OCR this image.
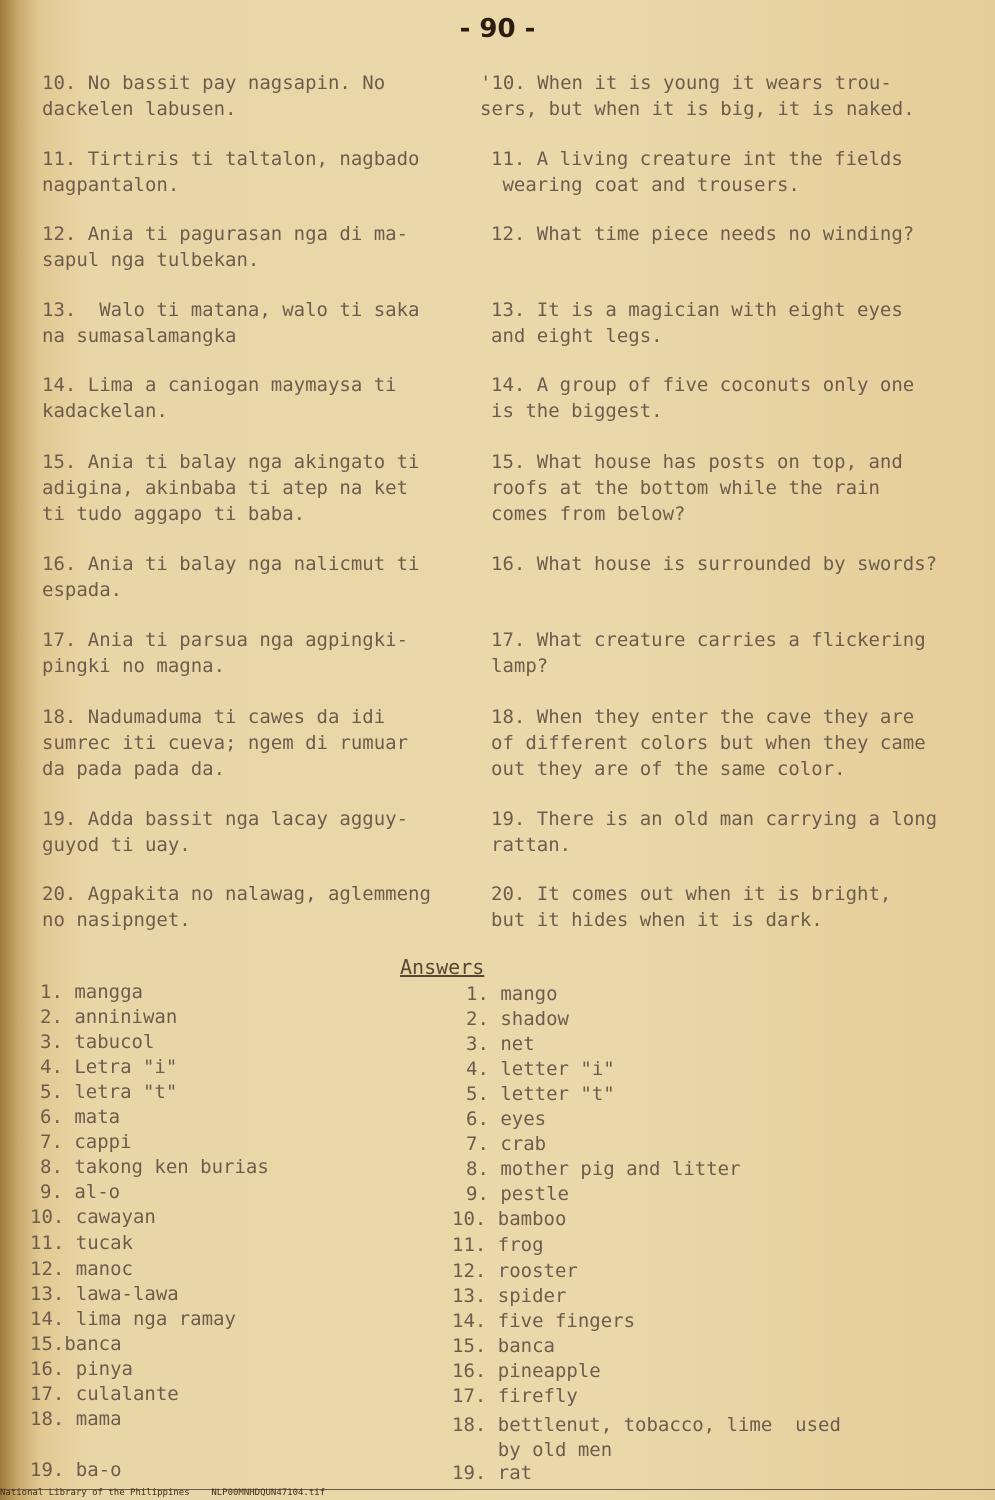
- 90 -
10. No bassit pay nagsapin. No
dackelen labusen.
'10. When it is young it wears trou-
sers, but when it is big, it is naked.
11. Tirtiris ti taltalon, nagbado
nagpantalon.
11. A living creature int the fields
wearing coat and trousers.
12. Ania ti pagurasan nga di ma-
sapul nga tulbekan.
12. What time piece needs no winding?
13.  Walo ti matana, walo ti saka
na sumasalamangka
13. It is a magician with eight eyes
and eight legs.
14. Lima a caniogan maymaysa ti
kadackelan.
14. A group of five coconuts only one
is the biggest.
15. Ania ti balay nga akingato ti
adigina, akinbaba ti atep na ket
ti tudo aggapo ti baba.
15. What house has posts on top, and
roofs at the bottom while the rain
comes from below?
16. Ania ti balay nga nalicmut ti
espada.
16. What house is surrounded by swords?
17. Ania ti parsua nga agpingki-
pingki no magna.
17. What creature carries a flickering
lamp?
18. Nadumaduma ti cawes da idi
sumrec iti cueva; ngem di rumuar
da pada pada da.
18. When they enter the cave they are
of different colors but when they came
out they are of the same color.
19. Adda bassit nga lacay agguy-
guyod ti uay.
19. There is an old man carrying a long
rattan.
20. Agpakita no nalawag, aglemmeng
no nasipnget.
20. It comes out when it is bright,
but it hides when it is dark.
Answers
1. mangga	1. mango
2. anniniwan	2. shadow
3. tabucol	3. net
4. Letra "i"	4. letter "i"
5. letra "t"	5. letter "t"
6. mata	6. eyes
7. cappi	7. crab
8. takong ken burias	8. mother pig and litter
9. al-o	9. pestle
10. cawayan	10. bamboo
11. tucak	11. frog
12. manoc	12. rooster
13. lawa-lawa	13. spider
14. lima nga ramay	14. five fingers
15.banca	15. banca
16. pinya	16. pineapple
17. culalante	17. firefly
18. mama	18. bettlenut, tobacco, lime  used
by old men
19. ba-o	19. rat
National Library of the Philippines    NLP00MNHDQUN47104.tif
